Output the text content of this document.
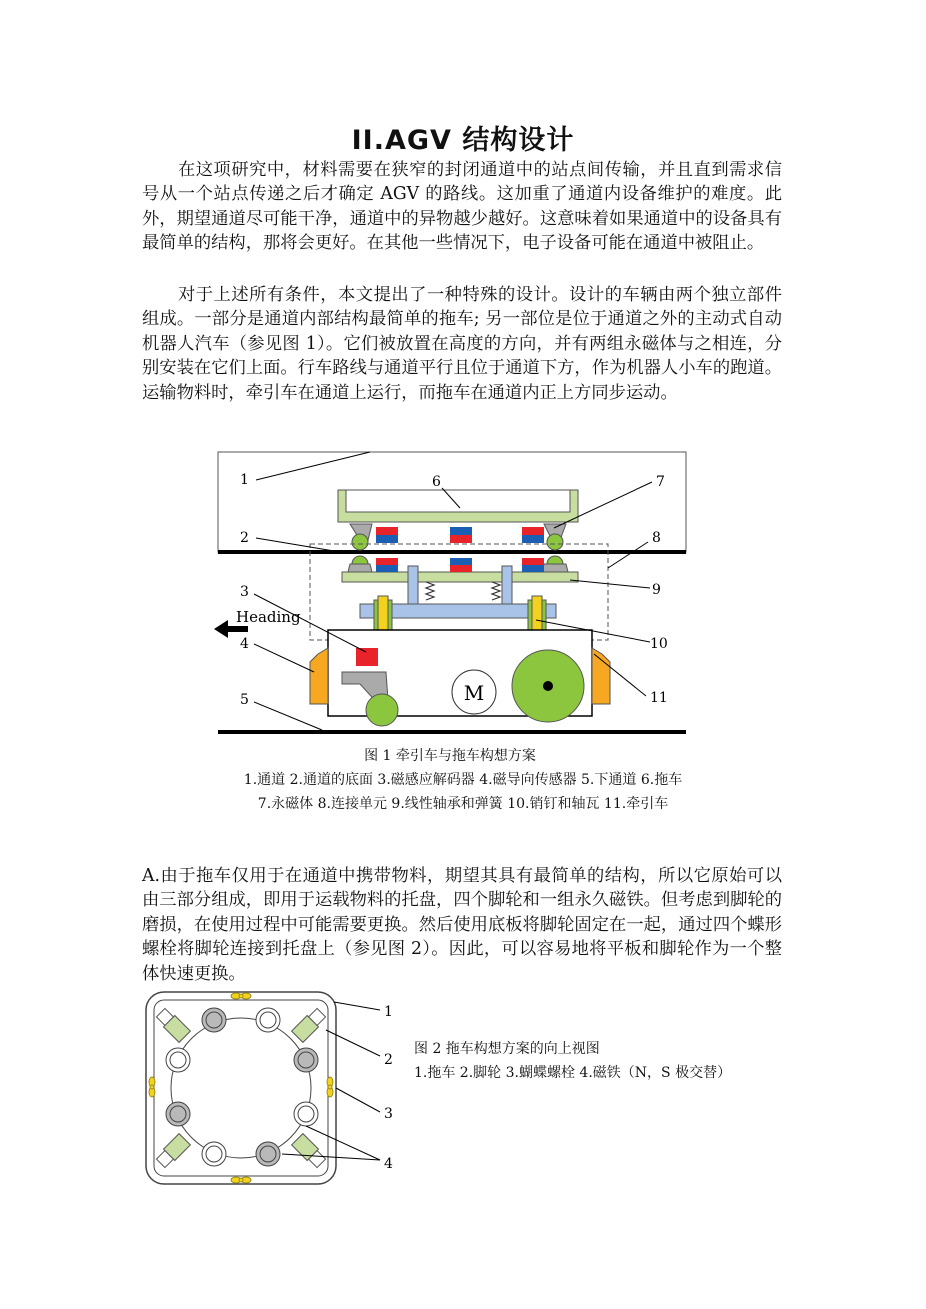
II.AGV 结构设计

在这项研究中，材料需要在狭窄的封闭通道中的站点间传输，并且直到需求信号从一个站点传递之后才确定 AGV 的路线。这加重了通道内设备维护的难度。此外，期望通道尽可能干净，通道中的异物越少越好。这意味着如果通道中的设备具有最简单的结构，那将会更好。在其他一些情况下，电子设备可能在通道中被阻止。

对于上述所有条件，本文提出了一种特殊的设计。设计的车辆由两个独立部件组成。一部分是通道内部结构最简单的拖车; 另一部位是位于通道之外的主动式自动机器人汽车（参见图 1）。它们被放置在高度的方向，并有两组永磁体与之相连，分别安装在它们上面。行车路线与通道平行且位于通道下方，作为机器人小车的跑道。运输物料时，牵引车在通道上运行，而拖车在通道内正上方同步运动。

M
Heading
1
2
3
4
5
6	7
8
9
10
11
图 1 牵引车与拖车构想方案
1.通道 2.通道的底面 3.磁感应解码器 4.磁导向传感器 5.下通道 6.拖车
7.永磁体 8.连接单元 9.线性轴承和弹簧 10.销钉和轴瓦 11.牵引车

A.由于拖车仅用于在通道中携带物料，期望其具有最简单的结构，所以它原始可以由三部分组成，即用于运载物料的托盘，四个脚轮和一组永久磁铁。但考虑到脚轮的磨损，在使用过程中可能需要更换。然后使用底板将脚轮固定在一起，通过四个蝶形螺栓将脚轮连接到托盘上（参见图 2）。因此，可以容易地将平板和脚轮作为一个整体快速更换。

1
2
3
4
图 2 拖车构想方案的向上视图
1.拖车 2.脚轮 3.蝴蝶螺栓 4.磁铁（N，S 极交替）
